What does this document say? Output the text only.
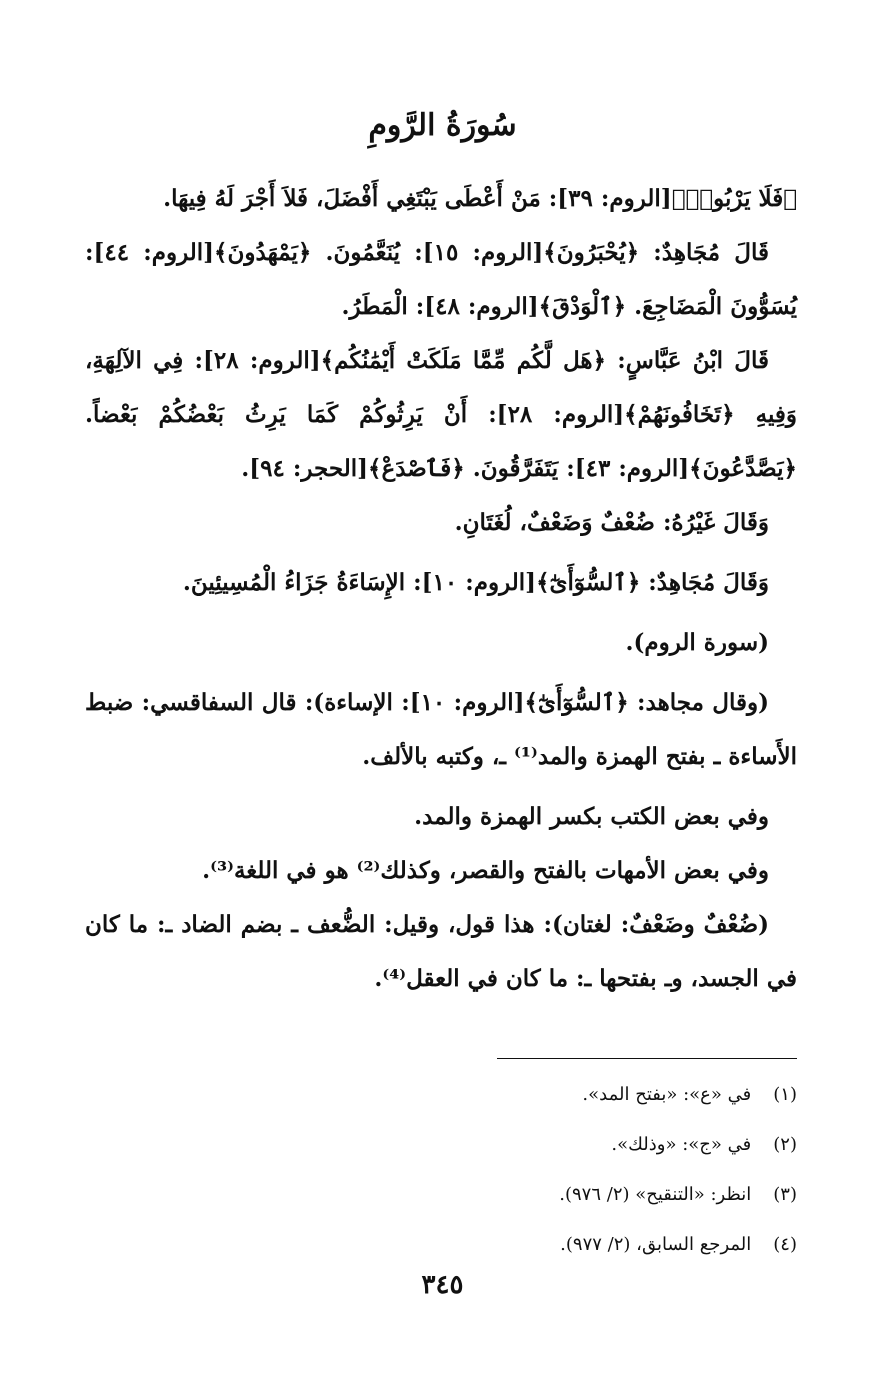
سُورَةُ الرَّومِ

﴿فَلَا يَرْبُوا۟﴾[الروم: ٣٩]: مَنْ أَعْطَى يَبْتَغِي أَفْضَلَ، فَلاَ أَجْرَ لَهُ فِيهَا.

قَالَ مُجَاهِدٌ: ﴿يُحْبَرُونَ﴾[الروم: ١٥]: يُنَعَّمُونَ. ﴿يَمْهَدُونَ﴾[الروم: ٤٤]: يُسَوُّونَ الْمَضَاجِعَ. ﴿ٱلْوَدْقَ﴾[الروم: ٤٨]: الْمَطَرُ.

قَالَ ابْنُ عَبَّاسٍ: ﴿هَل لَّكُم مِّمَّا مَلَكَتْ أَيْمَٰنُكُم﴾[الروم: ٢٨]: فِي الآلِهَةِ، وَفِيهِ ﴿تَخَافُونَهُمْ﴾[الروم: ٢٨]: أَنْ يَرِثُوكُمْ كَمَا يَرِثُ بَعْضُكُمْ بَعْضاً. ﴿يَصَّدَّعُونَ﴾[الروم: ٤٣]: يَتَفَرَّقُونَ. ﴿فَٱصْدَعْ﴾[الحجر: ٩٤].

وَقَالَ غَيْرُهُ: ضُعْفٌ وَضَعْفٌ، لُغَتَانِ.

وَقَالَ مُجَاهِدٌ: ﴿ٱلسُّوٓأَىٰٓ﴾[الروم: ١٠]: الإِسَاءَةُ جَزَاءُ الْمُسِيئِينَ.

(سورة الروم).

(وقال مجاهد: ﴿ٱلسُّوٓأَىٰٓ﴾[الروم: ١٠]: الإساءة): قال السفاقسي: ضبط الأَساءة ـ بفتح الهمزة والمد⁽¹⁾ ـ، وكتبه بالألف.

وفي بعض الكتب بكسر الهمزة والمد.

وفي بعض الأمهات بالفتح والقصر، وكذلك⁽²⁾ هو في اللغة⁽³⁾.

(ضُعْفٌ وضَعْفٌ: لغتان): هذا قول، وقيل: الضُّعف ـ بضم الضاد ـ: ما كان في الجسد، وـ بفتحها ـ: ما كان في العقل⁽⁴⁾.

(١) في «ع»: «بفتح المد».
(٢) في «ج»: «وذلك».
(٣) انظر: «التنقيح» (٢/ ٩٧٦).
(٤) المرجع السابق، (٢/ ٩٧٧).
٣٤٥
